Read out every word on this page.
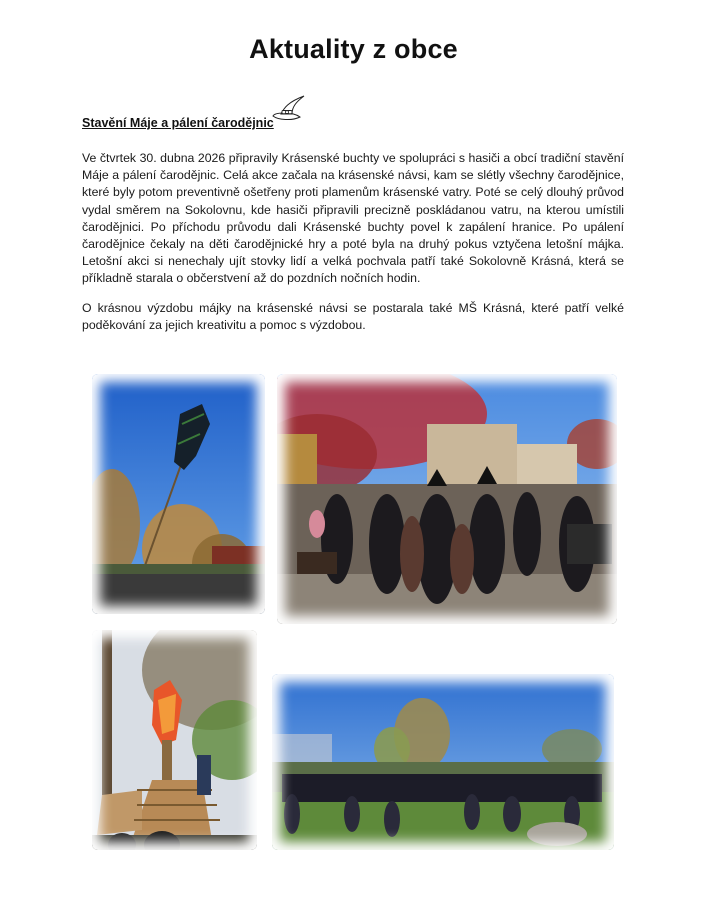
Aktuality z obce
Stavění Máje a pálení čarodějnic

Ve čtvrtek 30. dubna 2026 připravily Krásenské buchty ve spolupráci s hasiči a obcí tradiční stavění Máje a pálení čarodějnic. Celá akce začala na krásenské návsi, kam se slétly všechny čarodějnice, které byly potom preventivně ošetřeny proti plamenům krásenské vatry. Poté se celý dlouhý průvod vydal směrem na Sokolovnu, kde hasiči připravili precizně poskládanou vatru, na kterou umístili čarodějnici. Po příchodu průvodu dali Krásenské buchty povel k zapálení hranice. Po upálení čarodějnice čekaly na děti čarodějnické hry a poté byla na druhý pokus vztyčena letošní májka. Letošní akci si nenechaly ujít stovky lidí a velká pochvala patří také Sokolovně Krásná, která se příkladně starala o občerstvení až do pozdních nočních hodin.

O krásnou výzdobu májky na krásenské návsi se postarala také MŠ Krásná, které patří velké poděkování za jejich kreativitu a pomoc s výzdobou.
